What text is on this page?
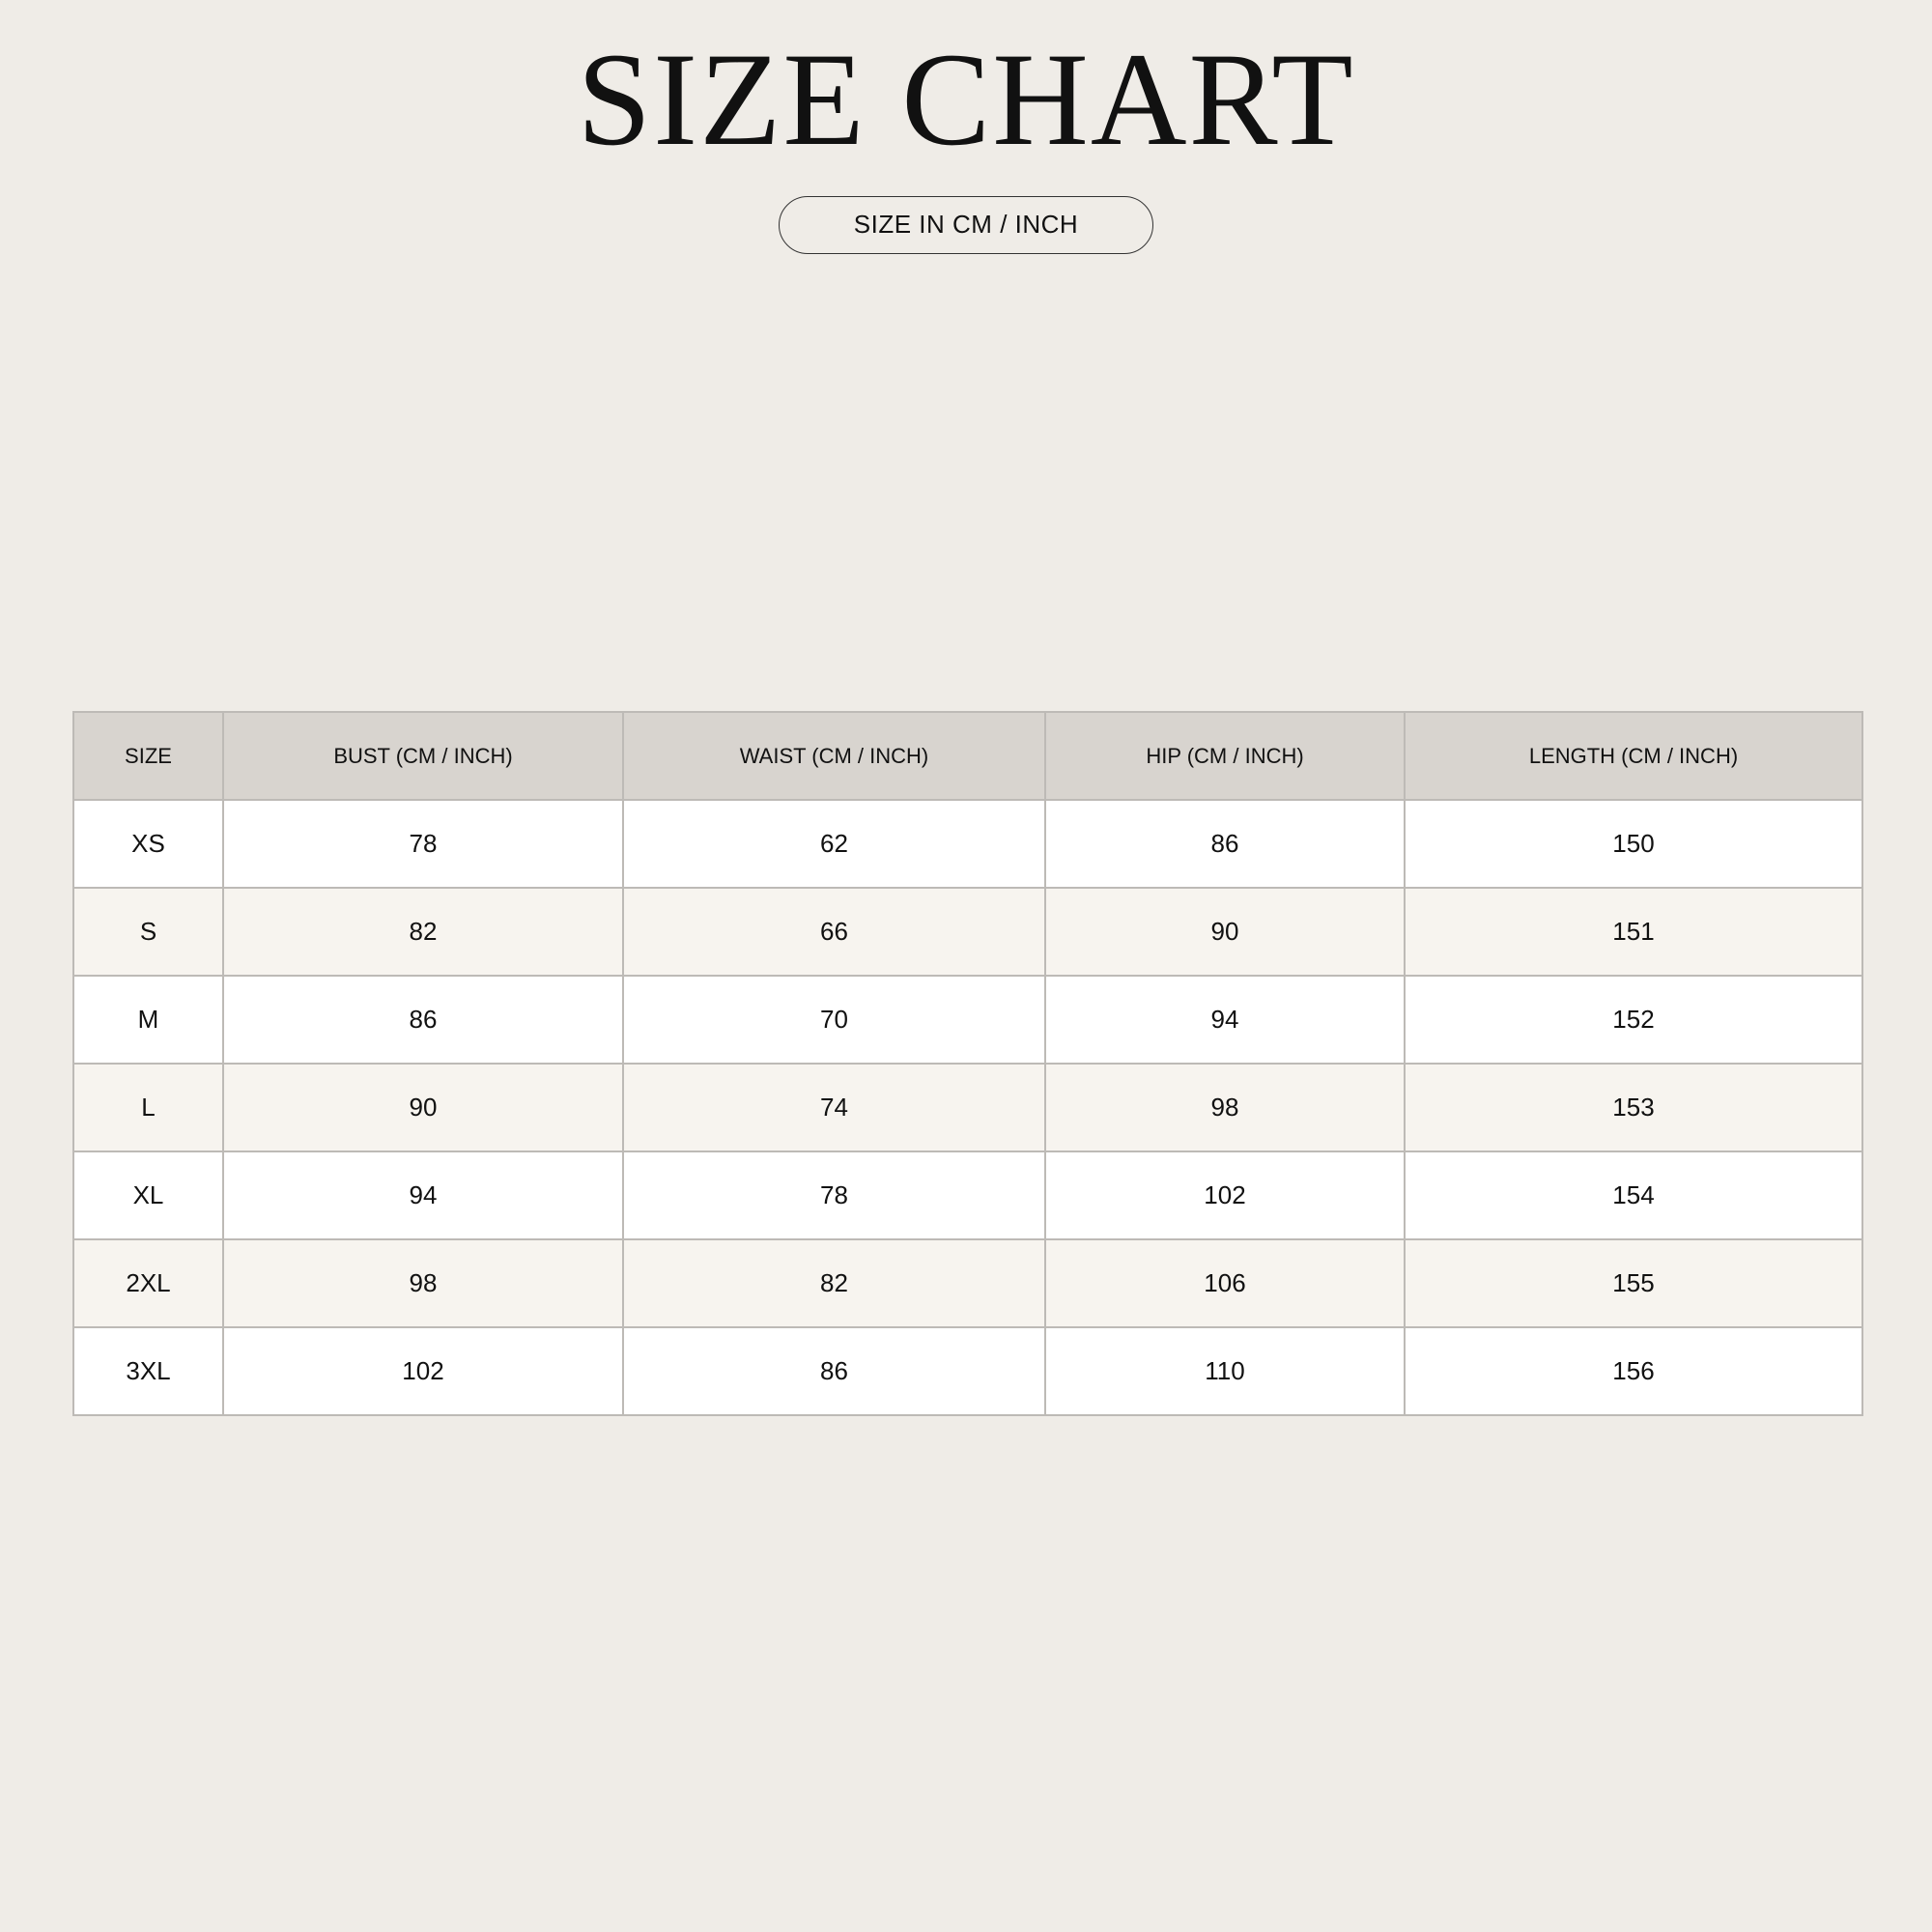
SIZE CHART
SIZE IN CM / INCH
SIZE	BUST (CM / INCH)	WAIST (CM / INCH)	HIP (CM / INCH)	LENGTH (CM / INCH)
XS	78	62	86	150
S	82	66	90	151
M	86	70	94	152
L	90	74	98	153
XL	94	78	102	154
2XL	98	82	106	155
3XL	102	86	110	156
